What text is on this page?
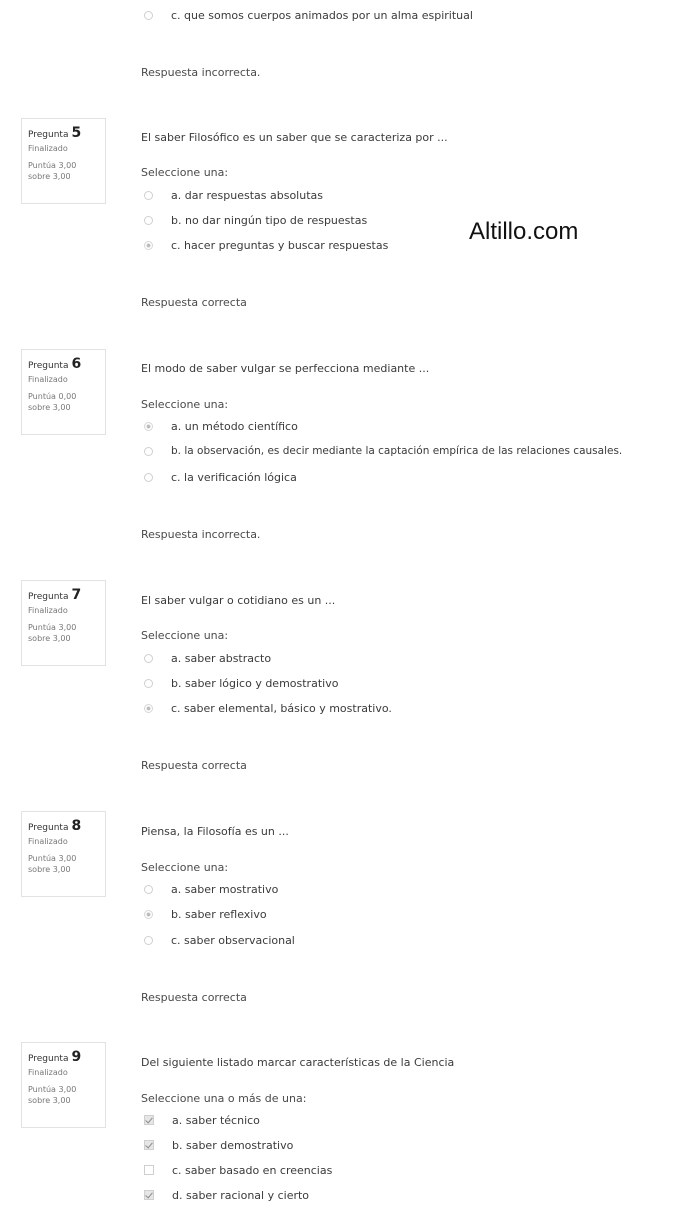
c. que somos cuerpos animados por un alma espiritual
Respuesta incorrecta.
Altillo.com
Pregunta 5
Finalizado
Puntúa 3,00
sobre 3,00
El saber Filosófico es un saber que se caracteriza por ...
Seleccione una:
a. dar respuestas absolutas
b. no dar ningún tipo de respuestas
c. hacer preguntas y buscar respuestas
Respuesta correcta
Pregunta 6
Finalizado
Puntúa 0,00
sobre 3,00
El modo de saber vulgar se perfecciona mediante ...
Seleccione una:
a. un método científico
b. la observación, es decir mediante la captación empírica de las relaciones causales.
c. la verificación lógica
Respuesta incorrecta.
Pregunta 7
Finalizado
Puntúa 3,00
sobre 3,00
El saber vulgar o cotidiano es un ...
Seleccione una:
a. saber abstracto
b. saber lógico y demostrativo
c. saber elemental, básico y mostrativo.
Respuesta correcta
Pregunta 8
Finalizado
Puntúa 3,00
sobre 3,00
Piensa, la Filosofía es un ...
Seleccione una:
a. saber mostrativo
b. saber reflexivo
c. saber observacional
Respuesta correcta
Pregunta 9
Finalizado
Puntúa 3,00
sobre 3,00
Del siguiente listado marcar características de la Ciencia
Seleccione una o más de una:
a. saber técnico
b. saber demostrativo
c. saber basado en creencias
d. saber racional y cierto
